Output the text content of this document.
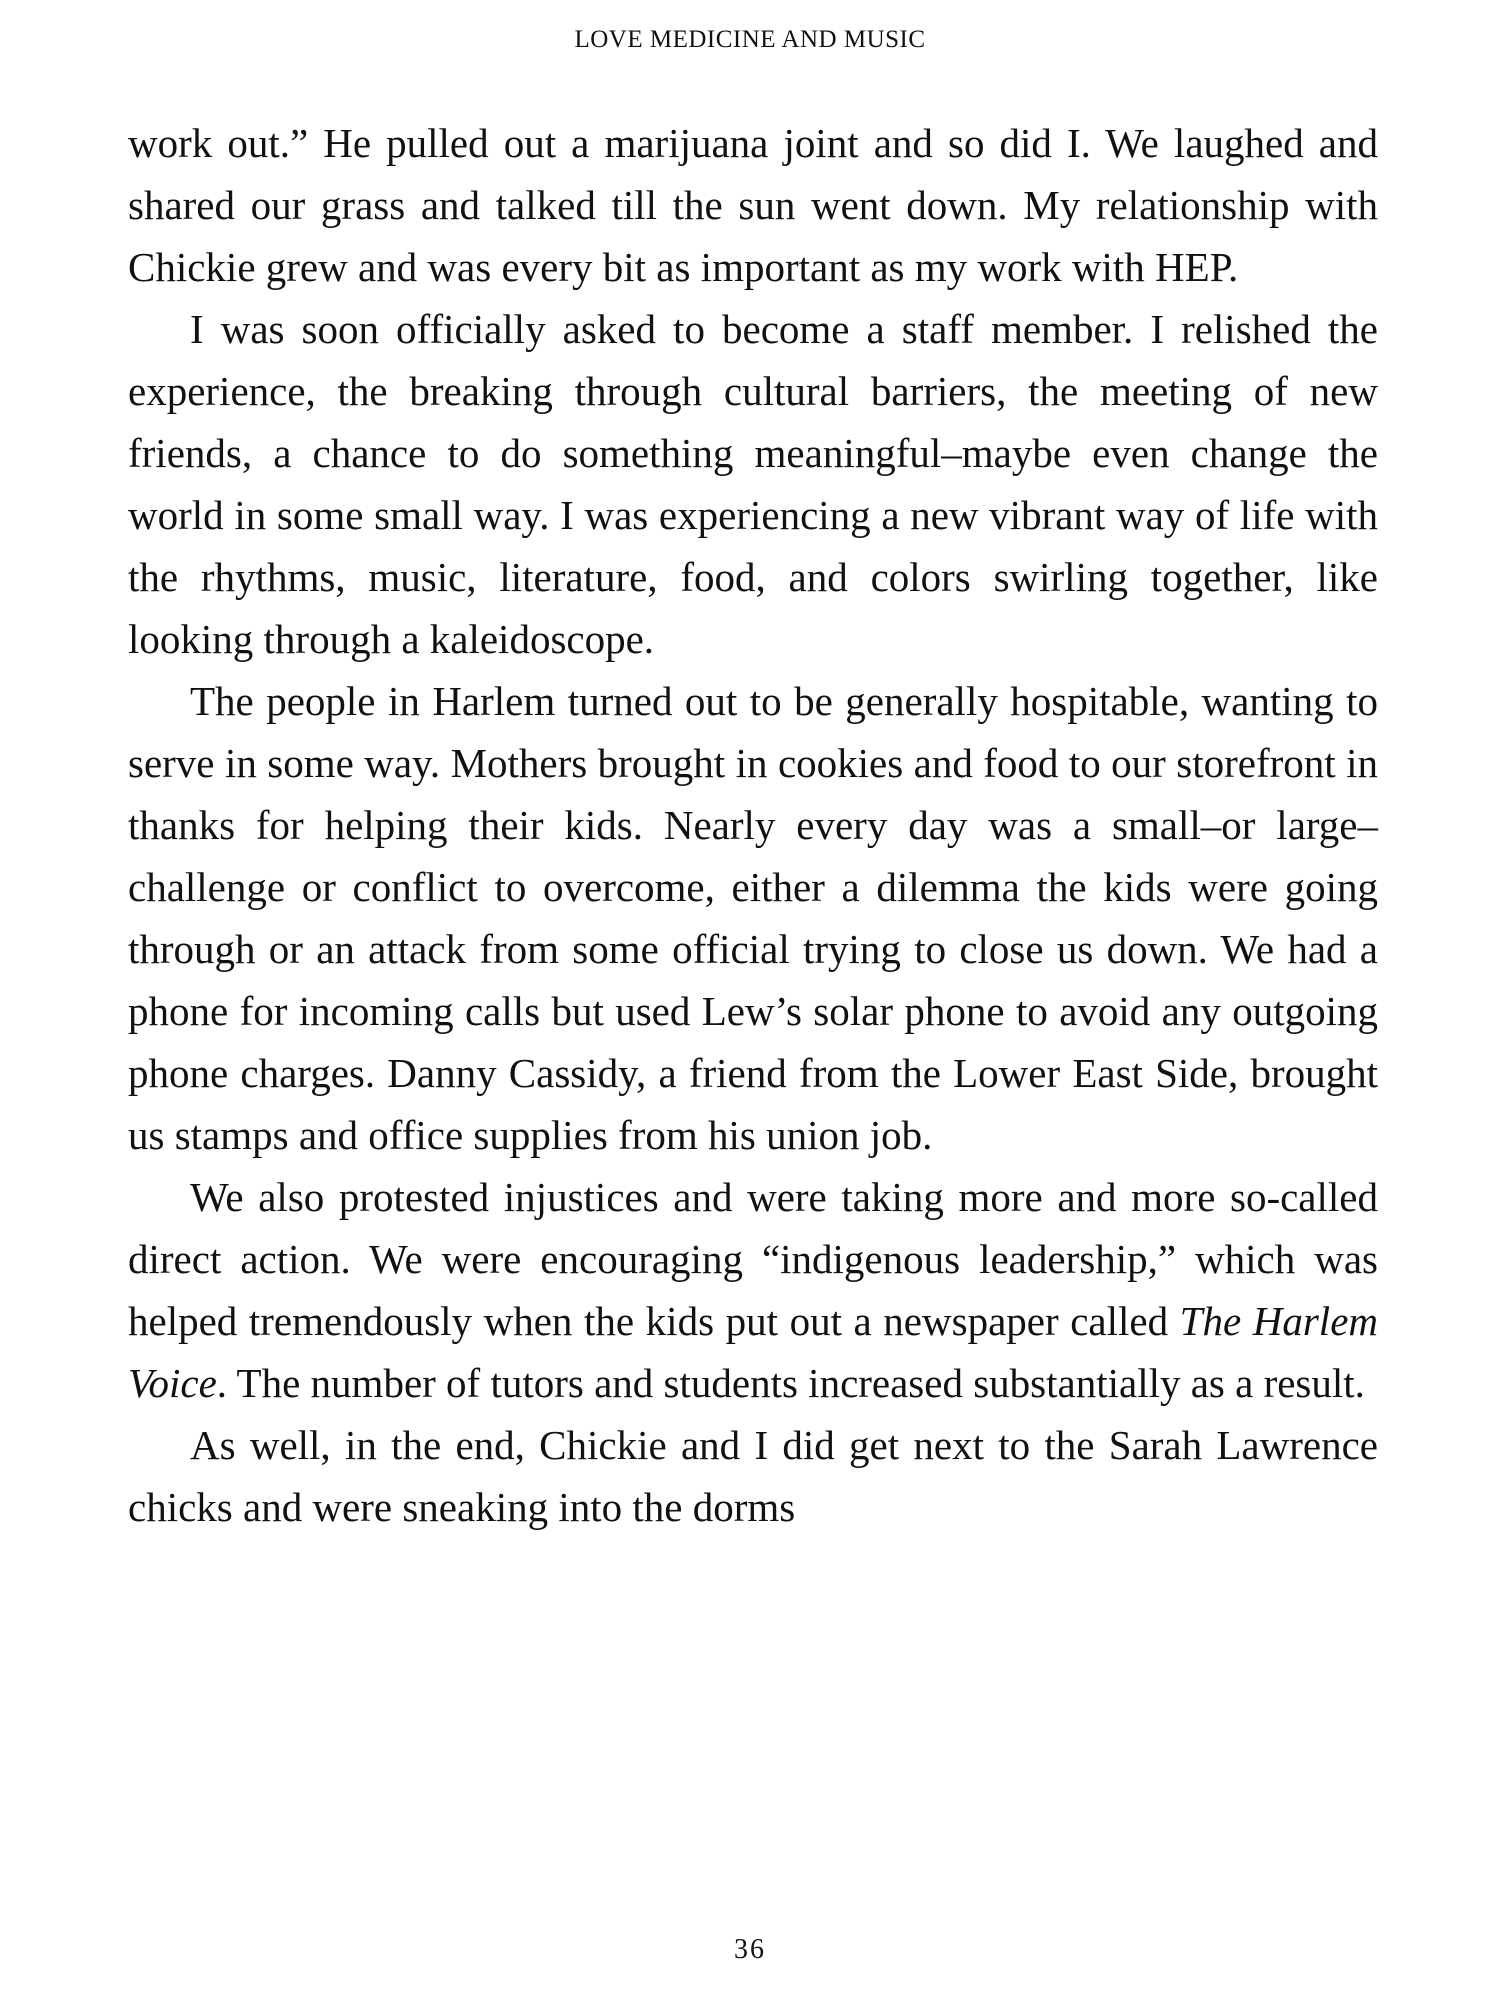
LOVE MEDICINE AND MUSIC

work out.” He pulled out a marijuana joint and so did I. We laughed and shared our grass and talked till the sun went down. My relationship with Chickie grew and was every bit as important as my work with HEP.

I was soon officially asked to become a staff member. I relished the experience, the breaking through cultural barriers, the meeting of new friends, a chance to do something meaningful–maybe even change the world in some small way. I was experiencing a new vibrant way of life with the rhythms, music, literature, food, and colors swirling together, like looking through a kaleidoscope.

The people in Harlem turned out to be generally hospitable, wanting to serve in some way. Mothers brought in cookies and food to our storefront in thanks for helping their kids. Nearly every day was a small–or large–challenge or conflict to overcome, either a dilemma the kids were going through or an attack from some official trying to close us down. We had a phone for incoming calls but used Lew’s solar phone to avoid any outgoing phone charges. Danny Cassidy, a friend from the Lower East Side, brought us stamps and office supplies from his union job.

We also protested injustices and were taking more and more so-called direct action. We were encouraging “indigenous leadership,” which was helped tremendously when the kids put out a newspaper called The Harlem Voice. The number of tutors and students increased substantially as a result.

As well, in the end, Chickie and I did get next to the Sarah Lawrence chicks and were sneaking into the dorms

36
